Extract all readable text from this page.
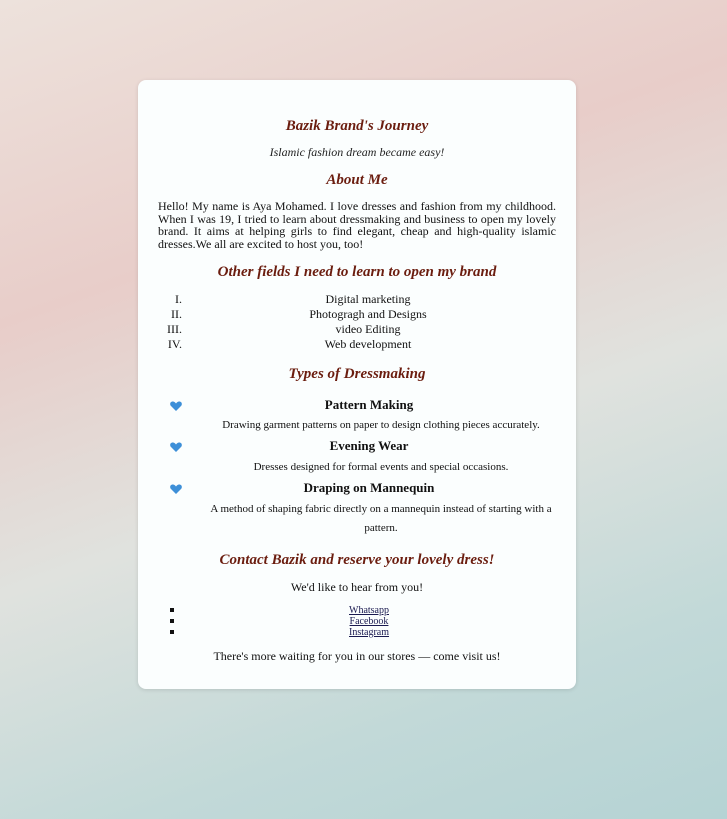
Bazik Brand's Journey
Islamic fashion dream became easy!
About Me
Hello! My name is Aya Mohamed. I love dresses and fashion from my childhood. When I was 19, I tried to learn about dressmaking and business to open my lovely brand. It aims at helping girls to find elegant, cheap and high-quality islamic dresses.We all are excited to host you, too!
Other fields I need to learn to open my brand
I.	Digital marketing
II.	Photogragh and Designs
III.	video Editing
IV.	Web development
Types of Dressmaking
Pattern Making
Drawing garment patterns on paper to design clothing pieces accurately.
Evening Wear
Dresses designed for formal events and special occasions.
Draping on Mannequin
A method of shaping fabric directly on a mannequin instead of starting with a pattern.
Contact Bazik and reserve your lovely dress!
We'd like to hear from you!
Whatsapp
Facebook
Instagram
There's more waiting for you in our stores — come visit us!
